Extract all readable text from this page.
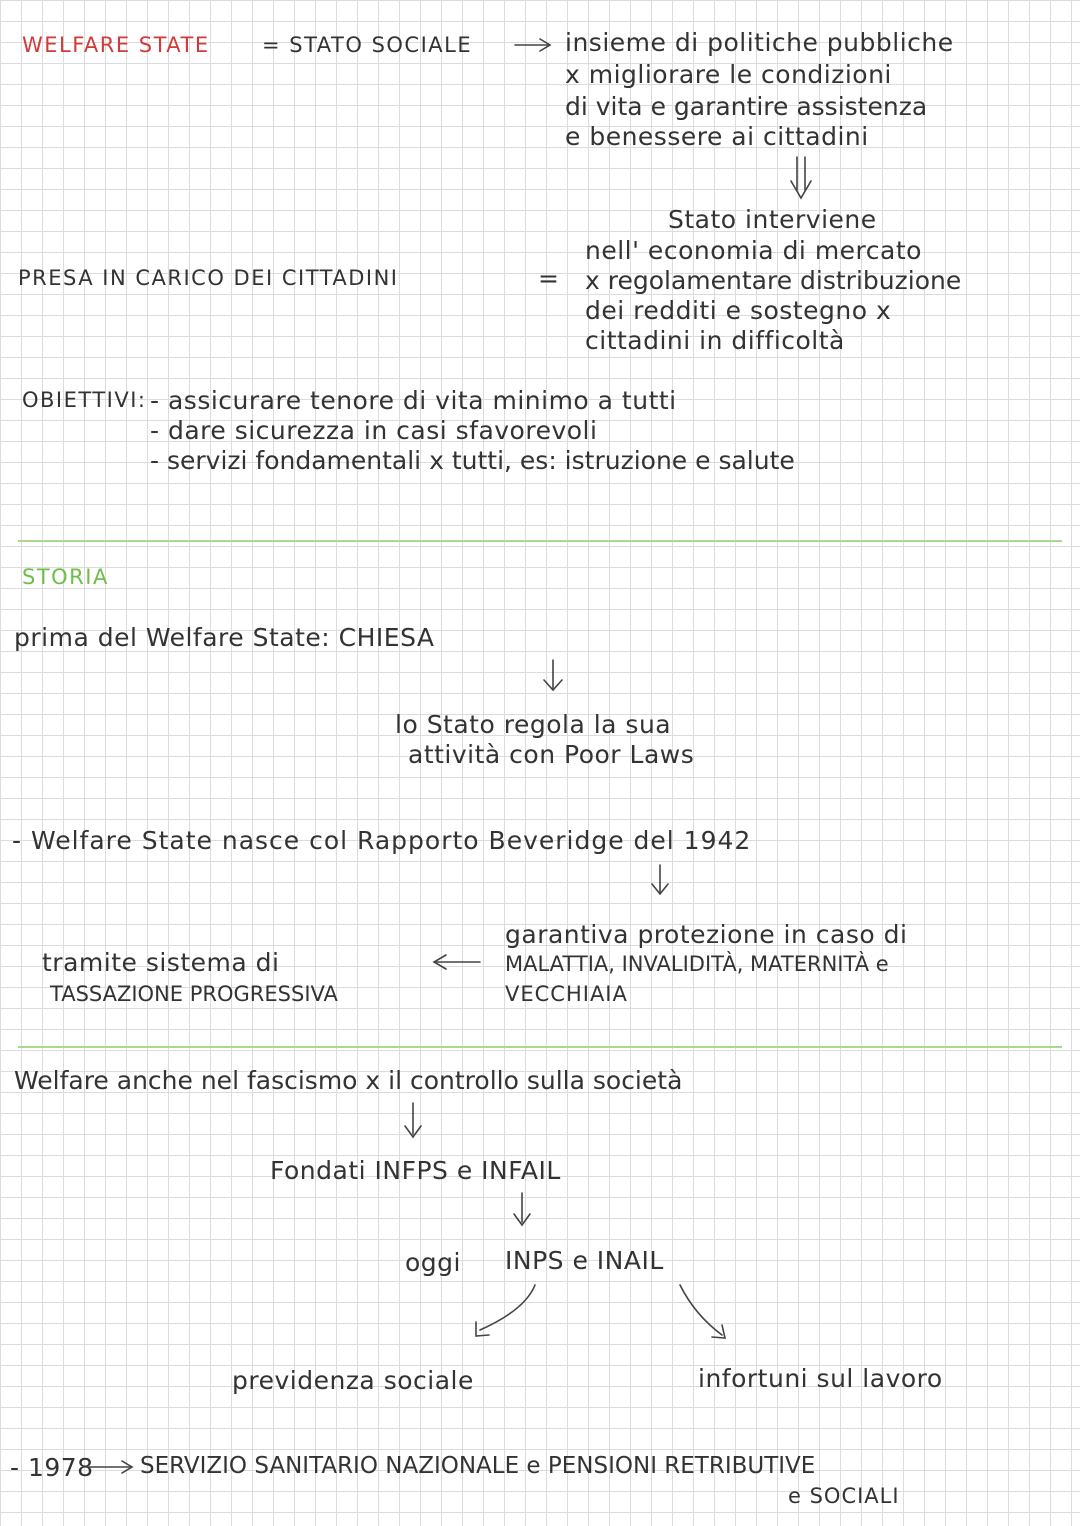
WELFARE STATE = STATO SOCIALE	insieme di politiche pubbliche
x migliorare le condizioni
di vita e garantire assistenza
e benessere ai cittadini
Stato interviene
nell' economia di mercato
x regolamentare distribuzione
dei redditi e sostegno x
cittadini in difficoltà
PRESA IN CARICO DEI CITTADINI	=
OBIETTIVI: - assicurare tenore di vita minimo a tutti
- dare sicurezza in casi sfavorevoli
- servizi fondamentali x tutti, es: istruzione e salute
STORIA
prima del Welfare State: CHIESA
lo Stato regola la sua
attività con Poor Laws
- Welfare State nasce col Rapporto Beveridge del 1942
garantiva protezione in caso di
MALATTIA, INVALIDITÀ, MATERNITÀ e
VECCHIAIA
tramite sistema di
TASSAZIONE PROGRESSIVA
Welfare anche nel fascismo x il controllo sulla società
Fondati INFPS e INFAIL
oggi INPS e INAIL
previdenza sociale	infortuni sul lavoro
- 1978 SERVIZIO SANITARIO NAZIONALE e PENSIONI RETRIBUTIVE
e SOCIALI
